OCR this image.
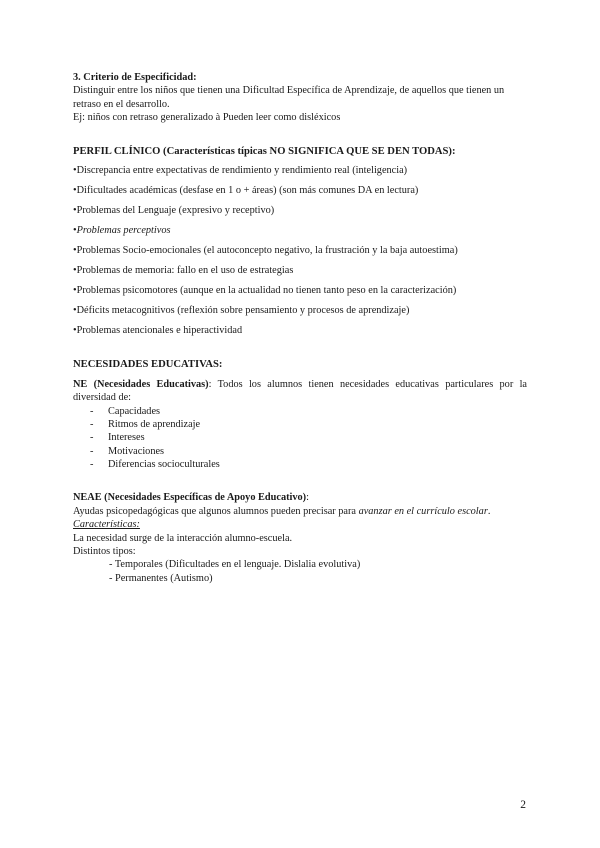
3. Criterio de Especificidad:

Distinguir entre los niños que tienen una Dificultad Específica de Aprendizaje, de aquellos que tienen un retraso en el desarrollo.

Ej: niños con retraso generalizado à Pueden leer como disléxicos

PERFIL CLÍNICO (Características típicas NO SIGNIFICA QUE SE DEN TODAS):

•Discrepancia entre expectativas de rendimiento y rendimiento real (inteligencia)

•Dificultades académicas (desfase en 1 o + áreas) (son más comunes DA en lectura)

•Problemas del Lenguaje (expresivo y receptivo)

•Problemas perceptivos

•Problemas Socio-emocionales (el autoconcepto negativo, la frustración y la baja autoestima)

•Problemas de memoria: fallo en el uso de estrategias

•Problemas psicomotores (aunque en la actualidad no tienen tanto peso en la caracterización)

•Déficits metacognitivos (reflexión sobre pensamiento y procesos de aprendizaje)

•Problemas atencionales e hiperactividad

NECESIDADES EDUCATIVAS:

NE (Necesidades Educativas): Todos los alumnos tienen necesidades educativas particulares por la diversidad de:

- Capacidades
- Ritmos de aprendizaje
- Intereses
- Motivaciones
- Diferencias socioculturales

NEAE (Necesidades Específicas de Apoyo Educativo):

Ayudas psicopedagógicas que algunos alumnos pueden precisar para avanzar en el currículo escolar.

Características:

La necesidad surge de la interacción alumno-escuela.

Distintos tipos:

- Temporales (Dificultades en el lenguaje. Dislalia evolutiva)
- Permanentes (Autismo)
2
